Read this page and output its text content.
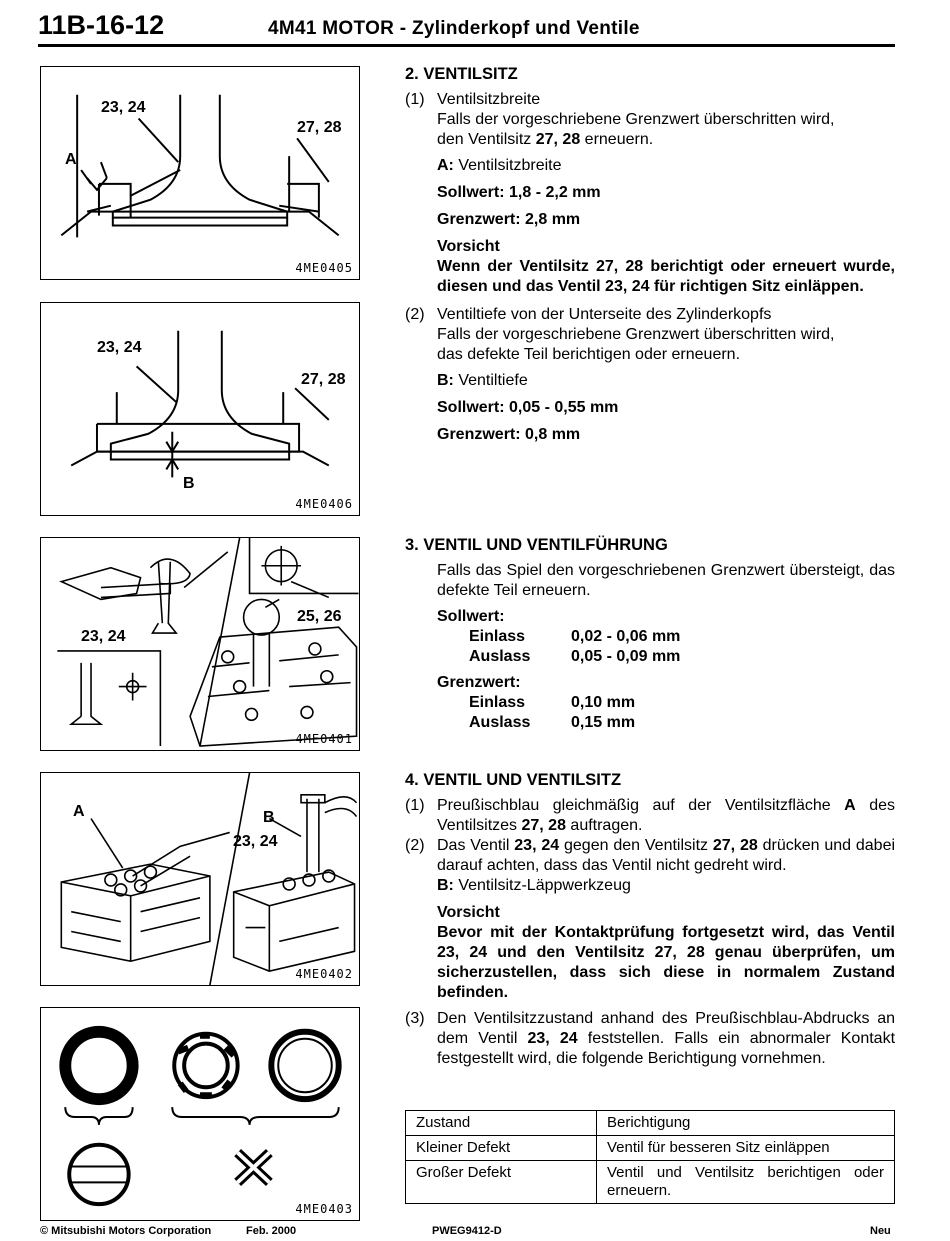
11B-16-12	4M41 MOTOR - Zylinderkopf und Ventile
23, 24
27, 28
A
4ME0405
23, 24
27, 28
B
4ME0406
23, 24
25, 26
4ME0401
A	B
23, 24
4ME0402
4ME0403
2. VENTILSITZ
(1) Ventilsitzbreite
Falls der vorgeschriebene Grenzwert überschritten wird,
den Ventilsitz 27, 28 erneuern.
A: Ventilsitzbreite
Sollwert: 1,8 - 2,2 mm
Grenzwert: 2,8 mm
Vorsicht
Wenn der Ventilsitz 27, 28 berichtigt oder erneuert wurde, diesen und das Ventil 23, 24 für richtigen Sitz einläppen.
(2) Ventiltiefe von der Unterseite des Zylinderkopfs
Falls der vorgeschriebene Grenzwert überschritten wird,
das defekte Teil berichtigen oder erneuern.
B: Ventiltiefe
Sollwert: 0,05 - 0,55 mm
Grenzwert: 0,8 mm
3. VENTIL UND VENTILFÜHRUNG
Falls das Spiel den vorgeschriebenen Grenzwert übersteigt, das defekte Teil erneuern.
Sollwert:
Einlass	0,02 - 0,06 mm
Auslass	0,05 - 0,09 mm
Grenzwert:
Einlass	0,10 mm
Auslass	0,15 mm
4. VENTIL UND VENTILSITZ
(1) Preußischblau gleichmäßig auf der Ventilsitzfläche A des Ventilsitzes 27, 28 auftragen.
(2) Das Ventil 23, 24 gegen den Ventilsitz 27, 28 drücken und dabei darauf achten, dass das Ventil nicht gedreht wird.
B: Ventilsitz-Läppwerkzeug
Vorsicht
Bevor mit der Kontaktprüfung fortgesetzt wird, das Ventil 23, 24 und den Ventilsitz 27, 28 genau überprüfen, um sicherzustellen, dass sich diese in normalem Zustand befinden.
(3) Den Ventilsitzzustand anhand des Preußischblau-Abdrucks an dem Ventil 23, 24 feststellen. Falls ein abnormaler Kontakt festgestellt wird, die folgende Berichtigung vornehmen.
Zustand	Berichtigung
Kleiner Defekt	Ventil für besseren Sitz einläppen
Großer Defekt	Ventil und Ventilsitz berichtigen oder erneuern.
© Mitsubishi Motors Corporation	Feb. 2000	PWEG9412-D	Neu
